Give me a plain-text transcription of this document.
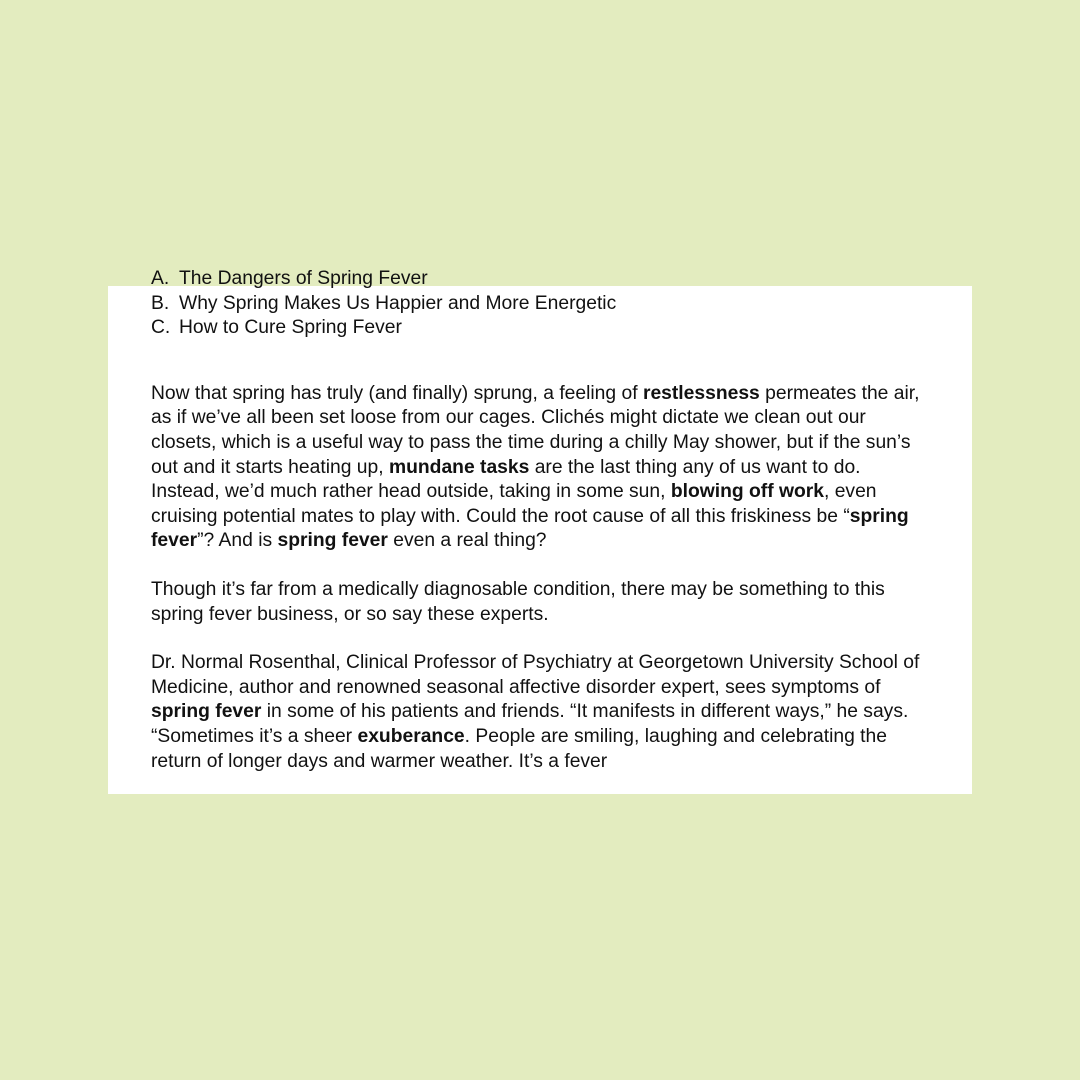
A. The Dangers of Spring Fever
B. Why Spring Makes Us Happier and More Energetic
C. How to Cure Spring Fever

Now that spring has truly (and finally) sprung, a feeling of restlessness permeates the air, as if we’ve all been set loose from our cages. Clichés might dictate we clean out our closets, which is a useful way to pass the time during a chilly May shower, but if the sun’s out and it starts heating up, mundane tasks are the last thing any of us want to do. Instead, we’d much rather head outside, taking in some sun, blowing off work, even cruising potential mates to play with. Could the root cause of all this friskiness be “spring fever”? And is spring fever even a real thing?

Though it’s far from a medically diagnosable condition, there may be something to this spring fever business, or so say these experts.

Dr. Normal Rosenthal, Clinical Professor of Psychiatry at Georgetown University School of Medicine, author and renowned seasonal affective disorder expert, sees symptoms of spring fever in some of his patients and friends. “It manifests in different ways,” he says. “Sometimes it’s a sheer exuberance. People are smiling, laughing and celebrating the return of longer days and warmer weather. It’s a fever
